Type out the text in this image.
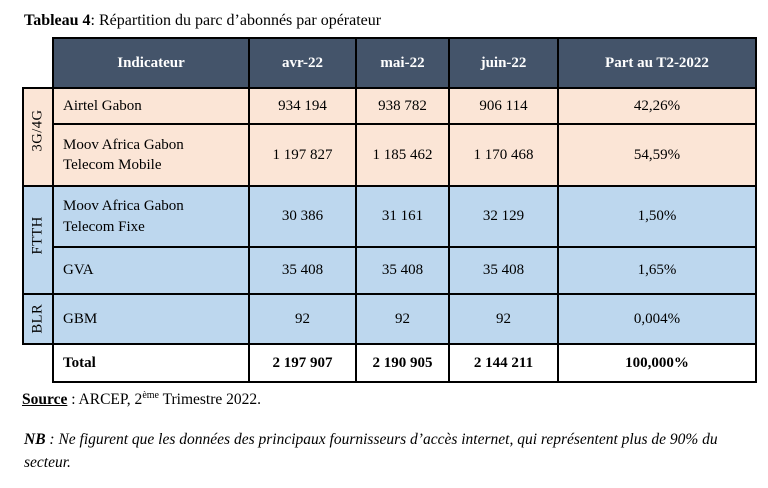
Tableau 4: Répartition du parc d’abonnés par opérateur
	Indicateur	avr-22	mai-22	juin-22	Part au T2-2022

3G/4G	Airtel Gabon	934 194	938 782	906 114	42,26%
	Moov Africa Gabon Telecom Mobile	1 197 827	1 185 462	1 170 468	54,59%

FTTH	Moov Africa Gabon Telecom Fixe	30 386	31 161	32 129	1,50%
	GVA	35 408	35 408	35 408	1,65%

BLR	GBM	92	92	92	0,004%
	Total	2 197 907	2 190 905	2 144 211	100,000%
Source : ARCEP, 2ème Trimestre 2022.
NB : Ne figurent que les données des principaux fournisseurs d’accès internet, qui représentent plus de 90% du secteur.
